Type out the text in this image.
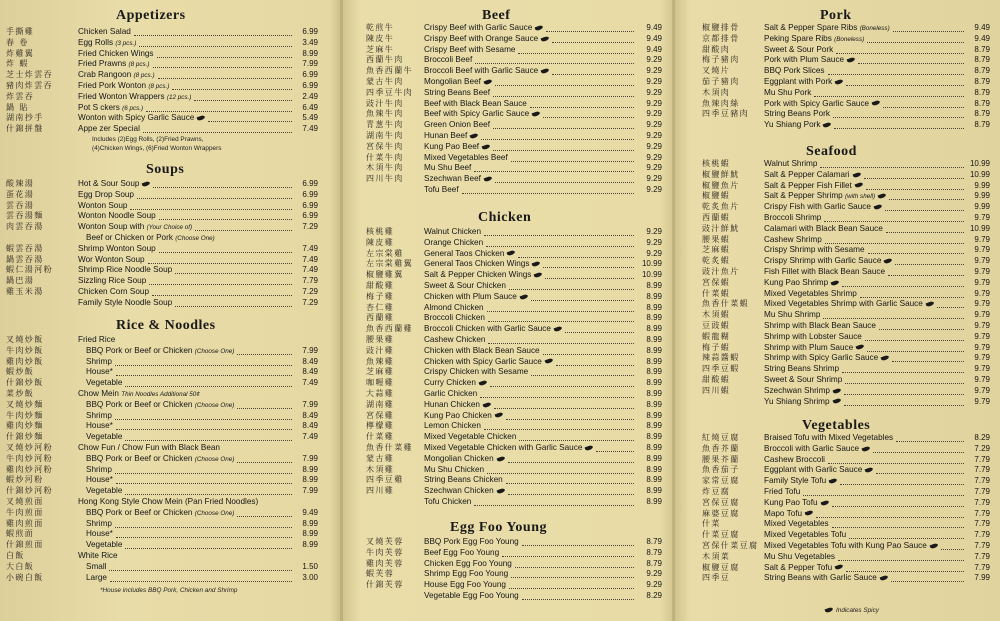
Appetizers
手撕雞	Chicken Salad	6.99
春 卷	Egg Rolls (3 pcs.)	3.49
炸雞翼	Fried Chicken Wings	8.99
炸 蝦	Fried Prawns (8 pcs.)	7.99
芝士炸雲吞	Crab Rangoon (8 pcs.)	6.99
豬肉炸雲吞	Fried Pork Wonton (8 pcs.)	6.99
炸雲吞	Fried Wonton Wrappers (12 pcs.)	2.49
鍋 貼	Pot S ckers (6 pcs.)	6.49
湖南抄手	Wonton with Spicy Garlic Sauce	5.49
什錦拼盤	Appe zer Special	7.49
Includes (2)Egg Rolls, (2)Fried Prawns,
(4)Chicken Wings, (6)Fried Wonton Wrappers
Soups
酸辣湯	Hot & Sour Soup	6.99
蛋花湯	Egg Drop Soup	6.99
雲吞湯	Wonton Soup	6.99
雲吞湯麵	Wonton Noodle Soup	6.99
肉雲吞湯	Wonton Soup with (Your Choice of)	7.29
Beef or Chicken or Pork (Choose One)
蝦雲吞湯	Shrimp Wonton Soup	7.49
鍋雲吞湯	Wor Wonton Soup	7.49
蝦仁湯河粉	Shrimp Rice Noodle Soup	7.49
鍋巴湯	Sizzling Rice Soup	7.79
雞玉米湯	Chicken Corn Soup	7.29
Family Style Noodle Soup	7.29
Rice & Noodles
叉燒炒飯	Fried Rice
牛肉炒飯	BBQ Pork or Beef or Chicken (Choose One)	7.99
雞肉炒飯	Shrimp	8.49
蝦炒飯	House*	8.49
什錦炒飯	Vegetable	7.49
菜炒飯	Chow Mein Thin Noodles Additional 50¢
叉燒炒麵	BBQ Pork or Beef or Chicken (Choose One)	7.99
牛肉炒麵	Shrimp	8.49
雞肉炒麵	House*	8.49
什錦炒麵	Vegetable	7.49
叉燒炒河粉	Chow Fun / Chow Fun with Black Bean
牛肉炒河粉	BBQ Pork or Beef or Chicken (Choose One)	7.99
雞肉炒河粉	Shrimp	8.99
蝦炒河粉	House*	8.99
什錦炒河粉	Vegetable	7.99
叉燒煎面	Hong Kong Style Chow Mein (Pan Fried Noodles)
牛肉煎面	BBQ Pork or Beef or Chicken (Choose One)	9.49
雞肉煎面	Shrimp	8.99
蝦煎面	House*	8.99
什錦煎面	Vegetable	8.99
白飯	White Rice
大白飯	Small	1.50
小碗白飯	Large	3.00
*House includes BBQ Pork, Chicken and Shrimp
Beef
乾煎牛	Crispy Beef with Garlic Sauce	9.49
陳皮牛	Crispy Beef with Orange Sauce	9.49
芝麻牛	Crispy Beef with Sesame	9.49
西蘭牛肉 Broccoli Beef	9.29
魚香西蘭牛 Broccoli Beef with Garlic Sauce	9.29
蒙古牛肉 Mongolian Beef	9.29
四季豆牛肉 String Beans Beef	9.29
豉汁牛肉 Beef with Black Bean Sauce	9.29
魚辣牛肉 Beef with Spicy Garlic Sauce	9.29
青葱牛肉 Green Onion Beef	9.29
湖南牛肉 Hunan Beef	9.29
宮保牛肉 Kung Pao Beef	9.29
什菜牛肉 Mixed Vegetables Beef	9.29
木須牛肉 Mu Shu Beef	9.29
四川牛肉 Szechwan Beef	9.29
Tofu Beef	9.29
Chicken
核桃雞	Walnut Chicken	9.29
陳皮雞	Orange Chicken	9.29
左宗棠雞 General Taos Chicken	9.29
左宗棠雞翼 General Taos Chicken Wings	10.99
椒鹽雞翼 Salt & Pepper Chicken Wings	10.99
甜酸雞	Sweet & Sour Chicken	8.99
梅子雞	Chicken with Plum Sauce	8.99
杏仁雞	Almond Chicken	8.99
西蘭雞	Broccoli Chicken	8.99
魚香西蘭雞 Broccoli Chicken with Garlic Sauce	8.99
腰果雞	Cashew Chicken	8.99
豉汁雞	Chicken with Black Bean Sauce	8.99
魚辣雞	Chicken with Spicy Garlic Sauce	8.99
芝麻雞	Crispy Chicken with Sesame	8.99
咖喱雞	Curry Chicken	8.99
大蒜雞	Garlic Chicken	8.99
湖南雞	Hunan Chicken	8.99
宮保雞	Kung Pao Chicken	8.99
檸檬雞	Lemon Chicken	8.99
什菜雞	Mixed Vegetable Chicken	8.99
魚香什菜雞 Mixed Vegetable Chicken with Garlic Sauce	8.99
蒙古雞	Mongolian Chicken	8.99
木須雞	Mu Shu Chicken	8.99
四季豆雞 String Beans Chicken	8.99
四川雞	Szechwan Chicken	8.99
Tofu Chicken	8.99
Egg Foo Young
叉燒芙蓉 BBQ Pork Egg Foo Young	8.79
牛肉芙蓉 Beef Egg Foo Young	8.79
雞肉芙蓉 Chicken Egg Foo Young	8.79
蝦芙蓉	Shrimp Egg Foo Young	9.29
什錦芙蓉 House Egg Foo Young	9.29
Vegetable Egg Foo Young	8.29
Pork
椒鹽排骨	Salt & Pepper Spare Ribs (Boneless)	9.49
京都排骨	Peking Spare Ribs (Boneless)	9.49
甜酸肉	Sweet & Sour Pork	8.79
梅子豬肉	Pork with Plum Sauce	8.79
叉燒片	BBQ Pork Slices	8.79
茄子豬肉	Eggplant with Pork	8.79
木須肉	Mu Shu Pork	8.79
魚辣肉絲	Pork with Spicy Garlic Sauce	8.79
四季豆豬肉 String Beans Pork	8.79
Yu Shiang Pork	8.79
Seafood
核桃蝦	Walnut Shrimp	10.99
椒鹽鮮魷	Salt & Pepper Calamari	10.99
椒鹽魚片	Salt & Pepper Fish Fillet	9.99
椒鹽蝦	Salt & Pepper Shrimp (with shell)	9.99
乾炙魚片	Crispy Fish with Garlic Sauce	9.99
西蘭蝦	Broccoli Shrimp	9.79
豉汁鮮魷	Calamari with Black Bean Sauce	10.99
腰果蝦	Cashew Shrimp	9.79
芝麻蝦	Crispy Shrimp with Sesame	9.79
乾炙蝦	Crispy Shrimp with Garlic Sauce	9.79
豉汁魚片	Fish Fillet with Black Bean Sauce	9.79
宮保蝦	Kung Pao Shrimp	9.79
什菜蝦	Mixed Vegetables Shrimp	9.79
魚香什菜蝦 Mixed Vegetables Shrimp with Garlic Sauce	9.79
木須蝦	Mu Shu Shrimp	9.79
豆豉蝦	Shrimp with Black Bean Sauce	9.79
蝦龍糊	Shrimp with Lobster Sauce	9.79
梅子蝦	Shrimp with Plum Sauce	9.79
辣蒜醬蝦	Shrimp with Spicy Garlic Sauce	9.79
四季豆蝦	String Beans Shrimp	9.79
甜酸蝦	Sweet & Sour Shrimp	9.79
四川蝦	Szechwan Shrimp	9.79
Yu Shiang Shrimp	9.79
Vegetables
紅燒豆腐	Braised Tofu with Mixed Vegetables	8.29
魚香芥蘭	Broccoli with Garlic Sauce	7.29
腰果芥蘭	Cashew Broccoli	7.79
魚香茄子	Eggplant with Garlic Sauce	7.79
家常豆腐	Family Style Tofu	7.79
炸豆腐	Fried Tofu	7.79
宮保豆腐	Kung Pao Tofu	7.79
麻婆豆腐	Mapo Tofu	7.79
什菜	Mixed Vegetables	7.79
什菜豆腐	Mixed Vegetables Tofu	7.79
宮保什菜豆腐 Mixed Vegetables Tofu with Kung Pao Sauce	7.79
木須菜	Mu Shu Vegetables	7.79
椒鹽豆腐	Salt & Pepper Tofu	7.79
四季豆	String Beans with Garlic Sauce	7.99
Indicates Spicy
